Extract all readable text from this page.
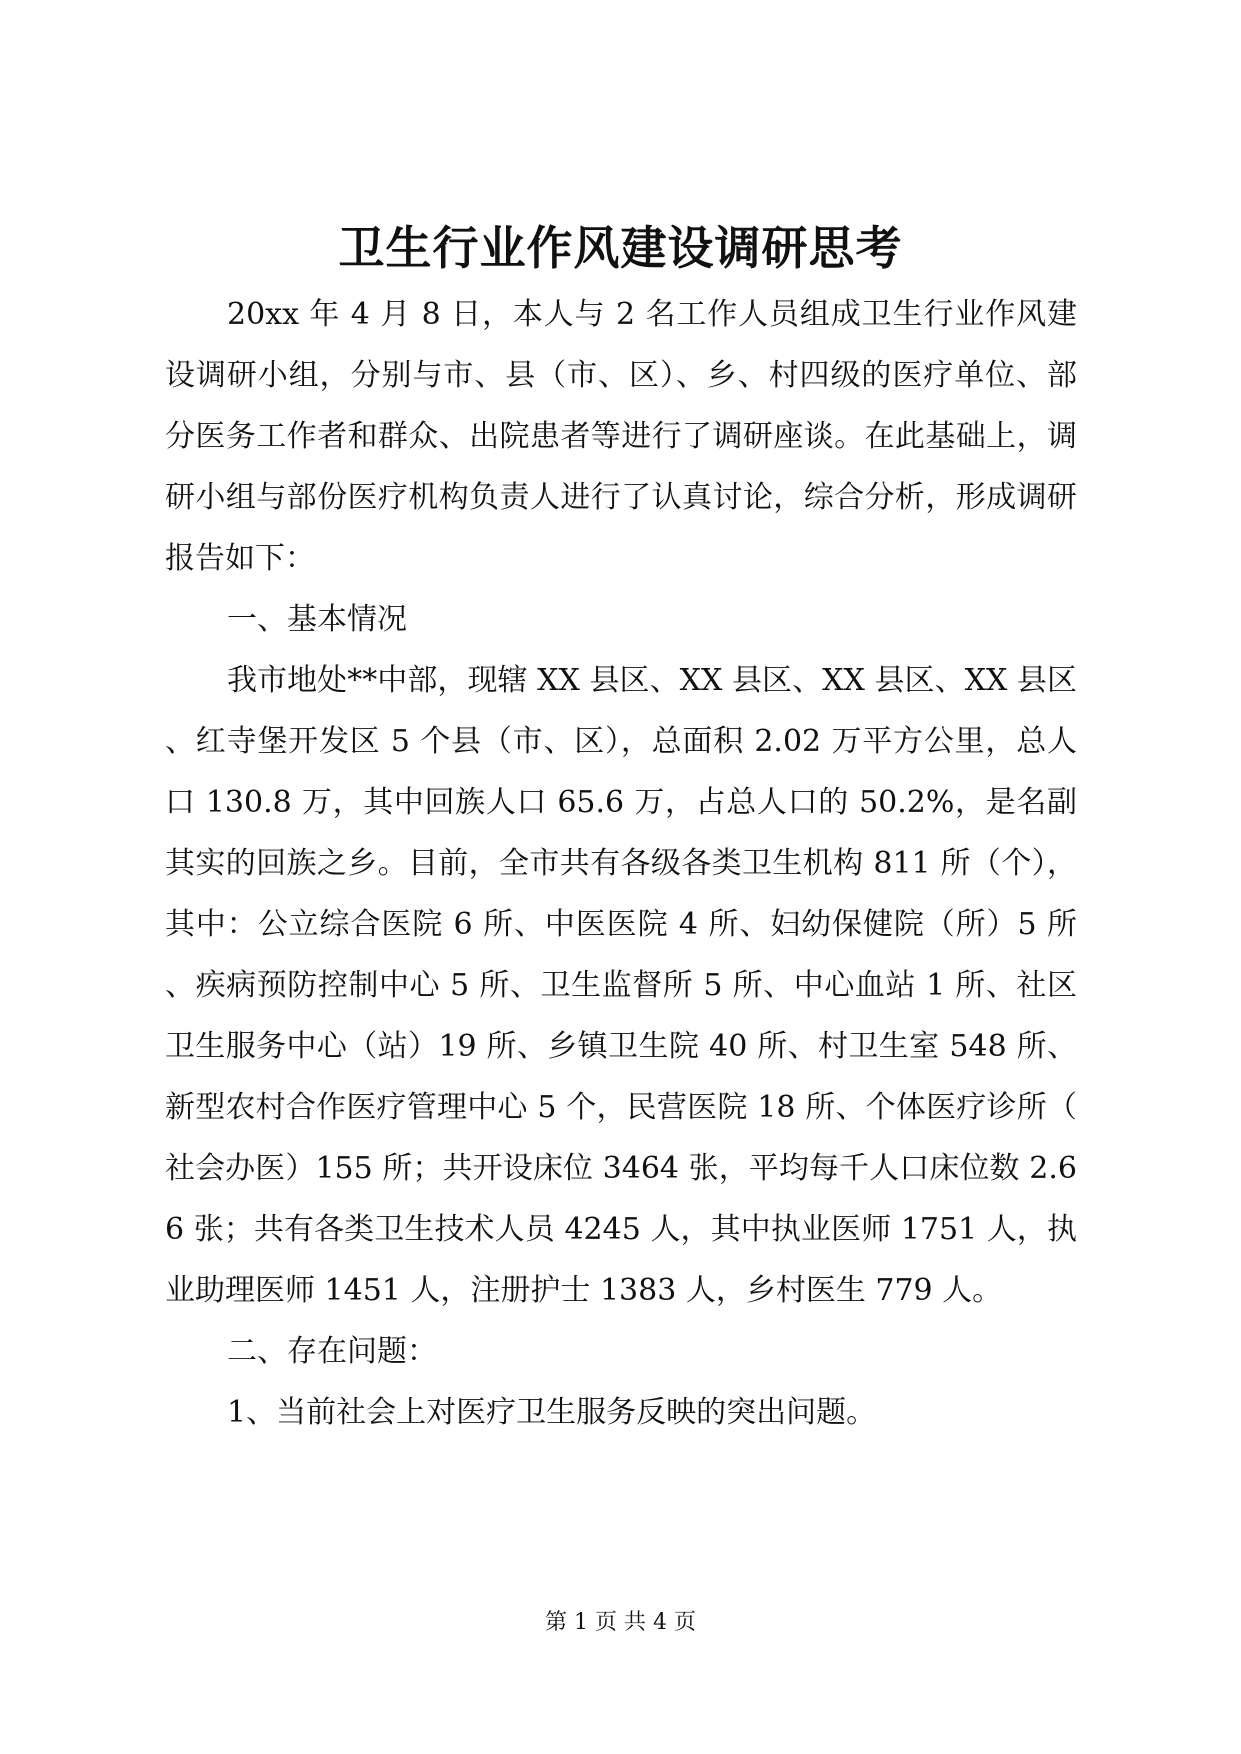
卫生行业作风建设调研思考

20xx 年 4 月 8 日，本人与 2 名工作人员组成卫生行业作风建设调研小组，分别与市、县（市、区）、乡、村四级的医疗单位、部分医务工作者和群众、出院患者等进行了调研座谈。在此基础上，调研小组与部份医疗机构负责人进行了认真讨论，综合分析，形成调研报告如下：

一、基本情况

我市地处**中部，现辖 XX 县区、XX 县区、XX 县区、XX 县区、红寺堡开发区 5 个县（市、区），总面积 2.02 万平方公里，总人口 130.8 万，其中回族人口 65.6 万，占总人口的 50.2%，是名副其实的回族之乡。目前，全市共有各级各类卫生机构 811 所（个），其中：公立综合医院 6 所、中医医院 4 所、妇幼保健院（所）5 所、疾病预防控制中心 5 所、卫生监督所 5 所、中心血站 1 所、社区卫生服务中心（站）19 所、乡镇卫生院 40 所、村卫生室 548 所、新型农村合作医疗管理中心 5 个，民营医院 18 所、个体医疗诊所（社会办医）155 所；共开设床位 3464 张，平均每千人口床位数 2.66 张；共有各类卫生技术人员 4245 人，其中执业医师 1751 人，执业助理医师 1451 人，注册护士 1383 人，乡村医生 779 人。

二、存在问题：

1、当前社会上对医疗卫生服务反映的突出问题。

第 1 页 共 4 页
